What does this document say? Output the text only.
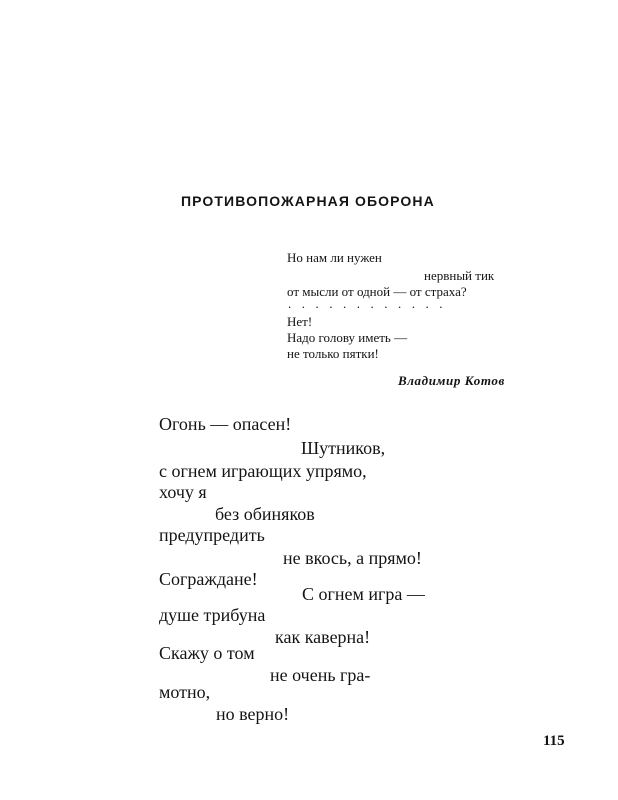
ПРОТИВОПОЖАРНАЯ ОБОРОНА
Но нам ли нужен
нервный тик
от мысли от одной — от страха?
............
Нет!
Надо голову иметь —
не только пятки!
Владимир Котов
Огонь — опасен!
Шутников,
с огнем играющих упрямо,
хочу я
без обиняков
предупредить
не вкось, а прямо!
Сограждане!
С огнем игра —
душе трибуна
как каверна!
Скажу о том
не очень гра-
мотно,
но верно!
115
